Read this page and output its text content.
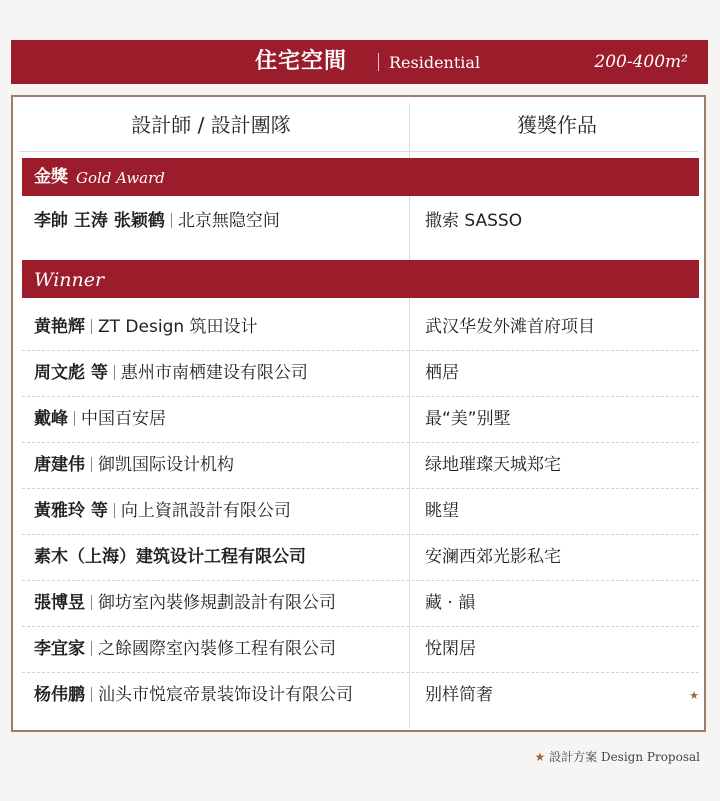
住宅空間	Residential	200-400m²
設計師 / 設計團隊	獲獎作品
金獎 Gold Award
李帥 王涛 张颖鹤 北京無隐空间	撒索 SASSO
Winner
黄艳辉 ZT Design 筑田设计	武汉华发外滩首府项目
周文彪 等 惠州市南栖建设有限公司	栖居
戴峰 中国百安居	最“美”别墅
唐建伟 御凯国际设计机构	绿地璀璨天城郑宅
黃雅玲 等 向上資訊設計有限公司	眺望
素木（上海）建筑设计工程有限公司	安澜西郊光影私宅
張博昱 御坊室內裝修規劃設計有限公司	藏 · 韻
李宜家 之餘國際室內裝修工程有限公司	悅閑居
杨伟鹏 汕头市悦宸帝景装饰设计有限公司	别样简奢	★
★ 設計方案 Design Proposal
